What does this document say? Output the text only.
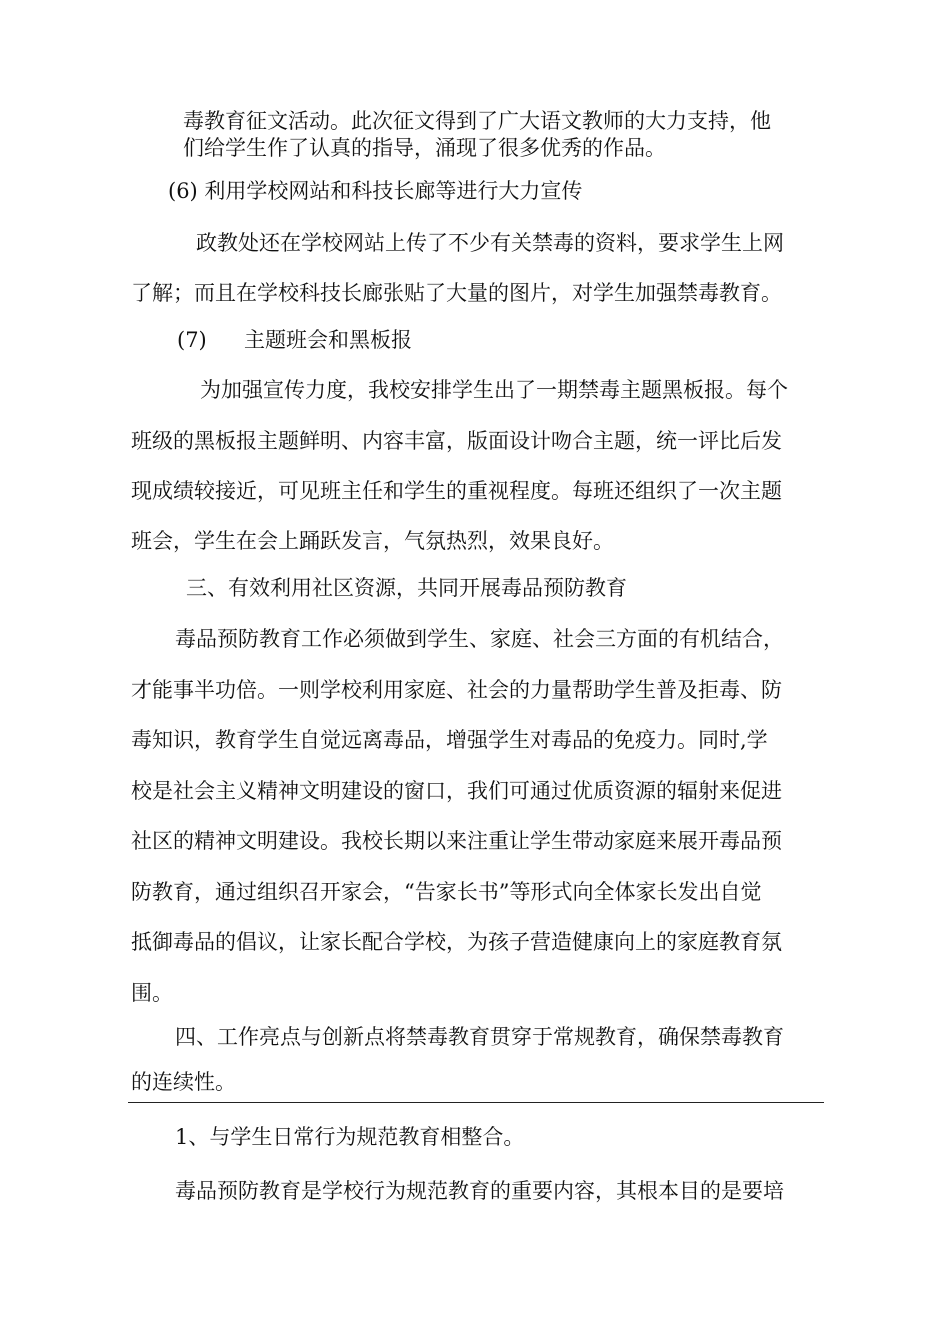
毒教育征文活动。此次征文得到了广大语文教师的大力支持，他
们给学生作了认真的指导，涌现了很多优秀的作品。
(6) 利用学校网站和科技长廊等进行大力宣传
政教处还在学校网站上传了不少有关禁毒的资料，要求学生上网
了解；而且在学校科技长廊张贴了大量的图片，对学生加强禁毒教育。
(7) 主题班会和黑板报
为加强宣传力度，我校安排学生出了一期禁毒主题黑板报。每个
班级的黑板报主题鲜明、内容丰富，版面设计吻合主题，统一评比后发
现成绩较接近，可见班主任和学生的重视程度。每班还组织了一次主题
班会，学生在会上踊跃发言，气氛热烈，效果良好。
三、有效利用社区资源，共同开展毒品预防教育
毒品预防教育工作必须做到学生、家庭、社会三方面的有机结合，
才能事半功倍。一则学校利用家庭、社会的力量帮助学生普及拒毒、防
毒知识，教育学生自觉远离毒品，增强学生对毒品的免疫力。同时,学
校是社会主义精神文明建设的窗口，我们可通过优质资源的辐射来促进
社区的精神文明建设。我校长期以来注重让学生带动家庭来展开毒品预
防教育，通过组织召开家会，“告家长书”等形式向全体家长发出自觉
抵御毒品的倡议，让家长配合学校，为孩子营造健康向上的家庭教育氛
围。
四、工作亮点与创新点将禁毒教育贯穿于常规教育，确保禁毒教育
的连续性。
1、与学生日常行为规范教育相整合。
毒品预防教育是学校行为规范教育的重要内容，其根本目的是要培
